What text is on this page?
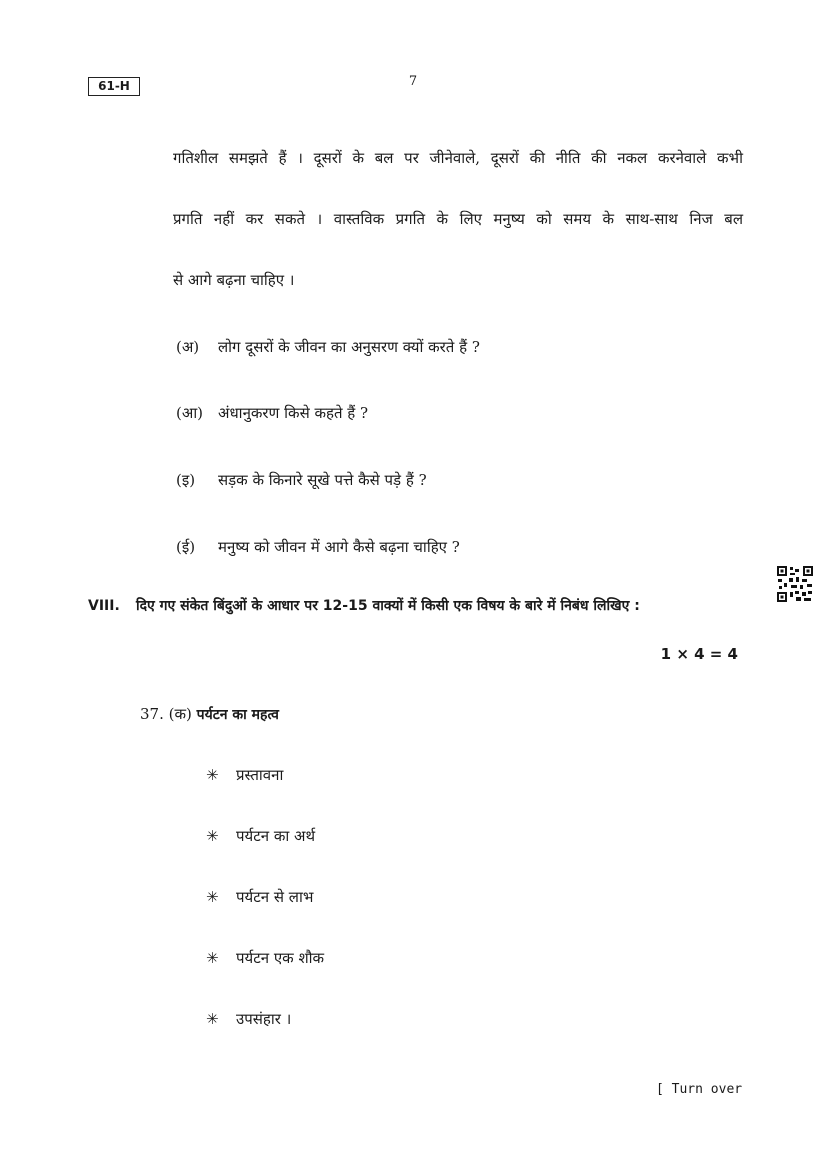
61-H	7
गतिशील समझते हैं । दूसरों के बल पर जीनेवाले, दूसरों की नीति की नकल करनेवाले कभी
प्रगति नहीं कर सकते । वास्तविक प्रगति के लिए मनुष्य को समय के साथ-साथ निज बल
से आगे बढ़ना चाहिए ।
(अ) लोग दूसरों के जीवन का अनुसरण क्यों करते हैं ?
(आ) अंधानुकरण किसे कहते हैं ?
(इ) सड़क के किनारे सूखे पत्ते कैसे पड़े हैं ?
(ई) मनुष्य को जीवन में आगे कैसे बढ़ना चाहिए ?
VIII. दिए गए संकेत बिंदुओं के आधार पर 12-15 वाक्यों में किसी एक विषय के बारे में निबंध लिखिए :
1 × 4 = 4
37. (क) पर्यटन का महत्व
✳ प्रस्तावना
✳ पर्यटन का अर्थ
✳ पर्यटन से लाभ
✳ पर्यटन एक शौक
✳ उपसंहार ।
[ Turn over
